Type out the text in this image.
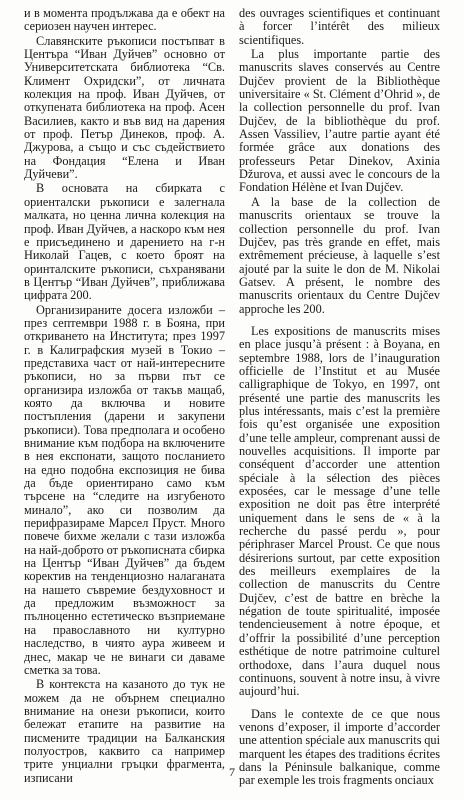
и в момента продължава да е обект на сериозен научен интерес.

Славянските ръкописи постъпват в Центъра “Иван Дуйчев” основно от Университетската библиотека “Св. Климент Охридски”, от личната колекция на проф. Иван Дуйчев, от откупената библиотека на проф. Асен Василиев, както и във вид на дарения от проф. Петър Динеков, проф. А. Джурова, а също и със съдействието на Фондация “Елена и Иван Дуйчеви”.

В основата на сбирката с ориенталски ръкописи е залегнала малката, но ценна лична колекция на проф. Иван Дуйчев, а наскоро към нея е присъединено и дарението на г-н Николай Гацев, с което броят на оринталските ръкописи, съхранявани в Център “Иван Дуйчев”, приближава цифрата 200.

Организираните досега изложби – през септември 1988 г. в Бояна, при откриването на Института; през 1997 г. в Калиграфския музей в Токио – представиха част от най-интересните ръкописи, но за първи път се организира изложба от такъв мащаб, която да включва и новите постъпления (дарени и закупени ръкописи). Това предполага и особено внимание към подбора на включените в нея експонати, защото посланието на едно подобна експозиция не бива да бъде ориентирано само към търсене на “следите на изгубеното минало”, ако си позволим да перифразираме Марсел Пруст. Много повече бихме желали с тази изложба на най-доброто от ръкописната сбирка на Център “Иван Дуйчев” да бъдем коректив на тенденциозно налаганата на нашето съвремие бездуховност и да предложим възможност за пълноценно естетическо възприемане на православното ни културно наследство, в чиято аура живеем и днес, макар че не винаги си даваме сметка за това.

В контекста на казаното до тук не можем да не обърнем специално внимание на онези ръкописи, които бележат етапите на развитие на писмените традиции на Балканския полуостров, каквито са например трите унциални гръцки фрагмента, изписани

des ouvrages scientifiques et continuant à forcer l’intérêt des milieux scientifiques.

La plus importante partie des manuscrits slaves conservés au Centre Dujčev provient de la Bibliothèque universitaire « St. Clément d’Ohrid », de la collection personnelle du prof. Ivan Dujčev, de la bibliothèque du prof. Assen Vassiliev, l’autre partie ayant été formée grâce aux donations des professeurs Petar Dinekov, Axinia Džurova, et aussi avec le concours de la Fondation Hélène et Ivan Dujčev.

A la base de la collection de manuscrits orientaux se trouve la collection personnelle du prof. Ivan Dujčev, pas très grande en effet, mais extrêmement précieuse, à laquelle s’est ajouté par la suite le don de M. Nikolai Gatsev. A présent, le nombre des manuscrits orientaux du Centre Dujčev approche les 200.

Les expositions de manuscrits mises en place jusqu’à présent : à Boyana, en septembre 1988, lors de l’inauguration officielle de l’Institut et au Musée calligraphique de Tokyo, en 1997, ont présenté une partie des manuscrits les plus intéressants, mais c’est la première fois qu’est organisée une exposition d’une telle ampleur, comprenant aussi de nouvelles acquisitions. Il importe par conséquent d’accorder une attention spéciale à la sélection des pièces exposées, car le message d’une telle exposition ne doit pas être interprété uniquement dans le sens de « à la recherche du passé perdu », pour périphraser Marcel Proust. Ce que nous désirerions surtout, par cette exposition des meilleurs exemplaires de la collection de manuscrits du Centre Dujčev, c’est de battre en brèche la négation de toute spiritualité, imposée tendencieusement à notre époque, et d’offrir la possibilité d’une perception esthétique de notre patrimoine culturel orthodoxe, dans l’aura duquel nous continuons, souvent à notre insu, à vivre aujourd’hui.

Dans le contexte de ce que nous venons d’exposer, il importe d’accorder une attention spéciale aux manuscrits qui marquent les étapes des traditions écrites dans la Péninsule balkanique, comme par exemple les trois fragments onciaux

7
